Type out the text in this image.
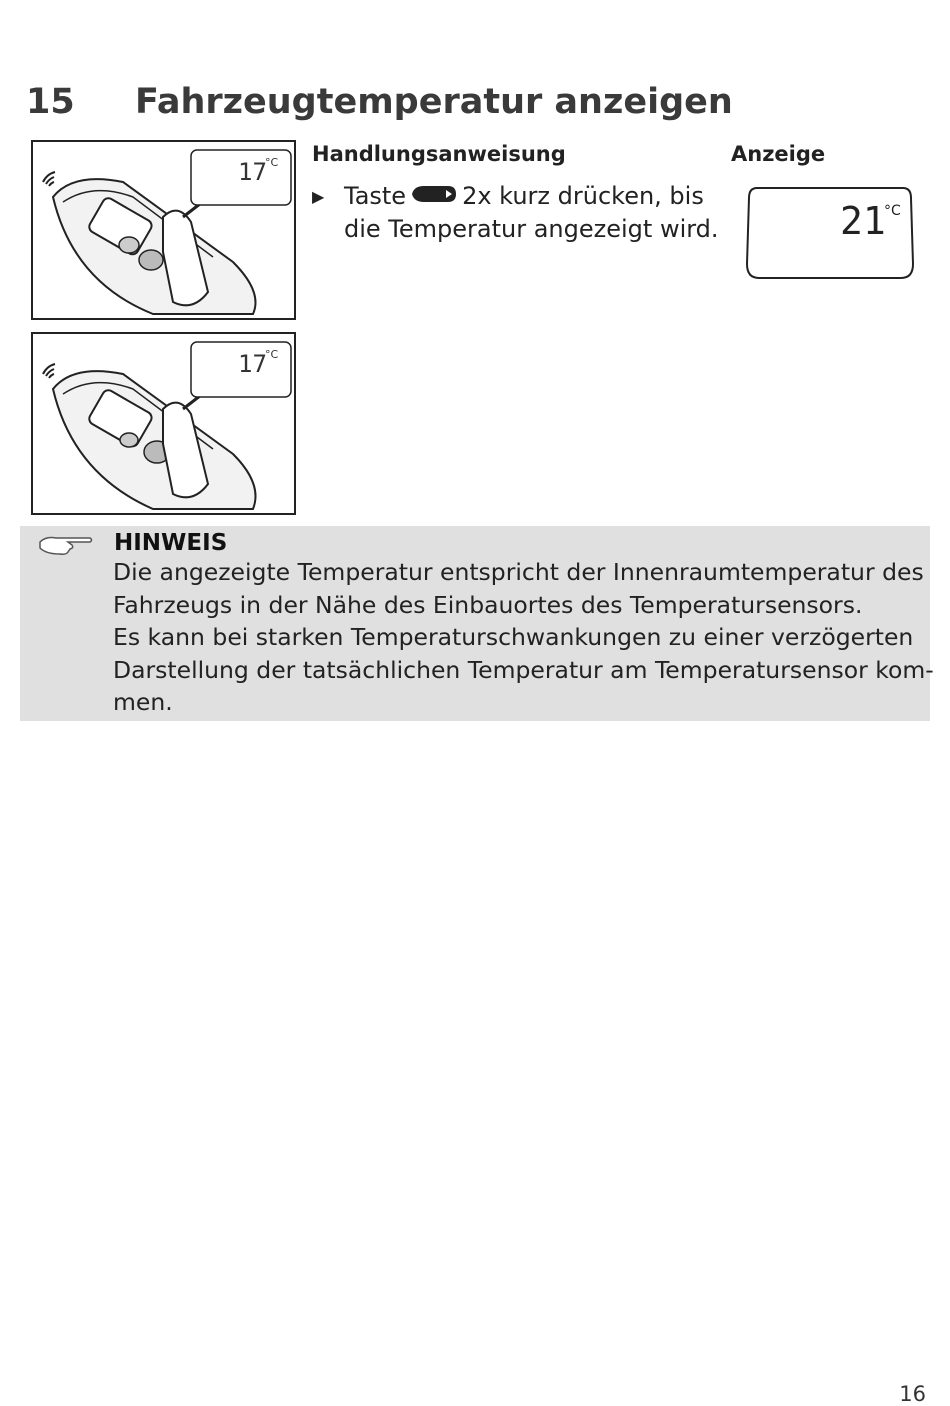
15 Fahrzeugtemperatur anzeigen
17
°C
17
°C
Handlungsanweisung	Anzeige
▶ Taste 2x kurz drücken, bis
die Temperatur angezeigt wird.	21
°C
HINWEIS
Die angezeigte Temperatur entspricht der Innenraumtemperatur des
Fahrzeugs in der Nähe des Einbauortes des Temperatursensors.
Es kann bei starken Temperaturschwankungen zu einer verzögerten
Darstellung der tatsächlichen Temperatur am Temperatursensor kom-
men.
16
